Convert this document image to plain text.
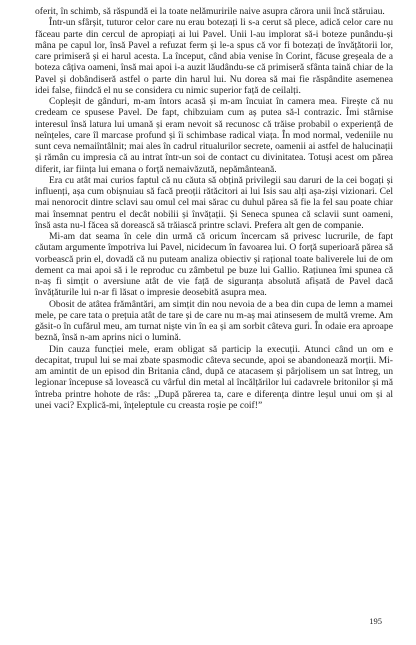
oferit, în schimb, să răspundă ei la toate nelămuririle naive asupra cărora unii încă stăruiau.

Într-un sfârșit, tuturor celor care nu erau botezați li s-a cerut să plece, adică celor care nu făceau parte din cercul de apropiați ai lui Pavel. Unii l-au implorat să-i boteze punându-și mâna pe capul lor, însă Pavel a refuzat ferm și le-a spus că vor fi botezați de învățătorii lor, care primiseră și ei harul acesta. La început, când abia venise în Corint, făcuse greșeala de a boteza câțiva oameni, însă mai apoi i-a auzit lăudându-se că primiseră sfânta taină chiar de la Pavel și dobândiseră astfel o parte din harul lui. Nu dorea să mai fie răspândite asemenea idei false, fiindcă el nu se considera cu nimic superior față de ceilalți.

Copleșit de gânduri, m-am întors acasă și m-am încuiat în camera mea. Firește că nu credeam ce spusese Pavel. De fapt, chibzuiam cum aș putea să-l contrazic. Îmi stârnise interesul însă latura lui umană și eram nevoit să recunosc că trăise probabil o experiență de neînțeles, care îl marcase profund și îi schimbase radical viața. În mod normal, vedeniile nu sunt ceva nemaiîntâlnit; mai ales în cadrul ritualurilor secrete, oamenii ai astfel de halucinații și rămân cu impresia că au intrat într-un soi de contact cu divinitatea. Totuși acest om părea diferit, iar ființa lui emana o forță nemaivăzută, nepământeană.

Era cu atât mai curios faptul că nu căuta să obțină privilegii sau daruri de la cei bogați și influenți, așa cum obișnuiau să facă preoții rătăcitori ai lui Isis sau alți așa-ziși vizionari. Cel mai nenorocit dintre sclavi sau omul cel mai sărac cu duhul părea să fie la fel sau poate chiar mai însemnat pentru el decât nobilii și învățații. Și Seneca spunea că sclavii sunt oameni, însă asta nu-l făcea să dorească să trăiască printre sclavi. Prefera alt gen de companie.

Mi-am dat seama în cele din urmă că oricum încercam să privesc lucrurile, de fapt căutam argumente împotriva lui Pavel, nicidecum în favoarea lui. O forță superioară părea să vorbească prin el, dovadă că nu puteam analiza obiectiv și rațional toate baliverele lui de om dement ca mai apoi să i le reproduc cu zâmbetul pe buze lui Gallio. Rațiunea îmi spunea că n-aș fi simțit o aversiune atât de vie față de siguranța absolută afișată de Pavel dacă învățăturile lui n-ar fi lăsat o impresie deosebită asupra mea.

Obosit de atâtea frământări, am simțit din nou nevoia de a bea din cupa de lemn a mamei mele, pe care tata o prețuia atât de tare și de care nu m-aș mai atinsesem de multă vreme. Am găsit-o în cufărul meu, am turnat niște vin în ea și am sorbit câteva guri. În odaie era aproape beznă, însă n-am aprins nici o lumină.

Din cauza funcției mele, eram obligat să particip la execuții. Atunci când un om e decapitat, trupul lui se mai zbate spasmodic câteva secunde, apoi se abandonează morții. Mi-am amintit de un episod din Britania când, după ce atacasem și pârjolisem un sat întreg, un legionar începuse să lovească cu vârful din metal al încălțărilor lui cadavrele britonilor și mă întreba printre hohote de râs: „După părerea ta, care e diferența dintre leșul unui om și al unei vaci? Explică-mi, înțeleptule cu creasta roșie pe coif!”

195
